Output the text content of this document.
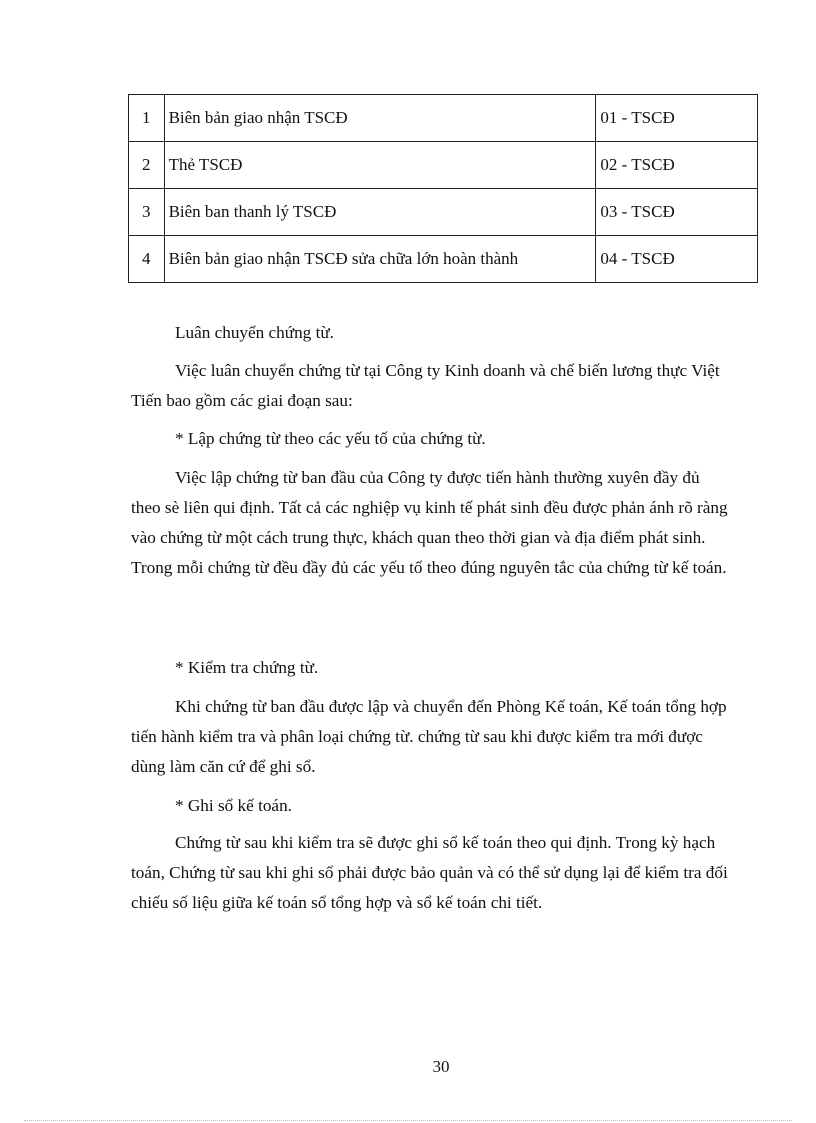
1	Biên bản giao nhận TSCĐ	01 - TSCĐ
2	Thẻ TSCĐ	02 - TSCĐ
3	Biên ban thanh lý TSCĐ	03 - TSCĐ
4	Biên bản giao nhận TSCĐ sửa chữa lớn hoàn thành	04 - TSCĐ

Luân chuyển chứng từ.

Việc luân chuyển chứng từ tại Công ty Kinh doanh và chế biến lương thực Việt Tiến bao gồm các giai đoạn sau:

* Lập chứng từ theo các yếu tố của chứng từ.

Việc lập chứng từ ban đầu của Công ty được tiến hành thường xuyên đầy đủ theo sè liên qui định. Tất cả các nghiệp vụ kinh tế phát sinh đều được phản ánh rõ ràng vào chứng từ một cách trung thực, khách quan theo thời gian và địa điểm phát sinh. Trong mỗi chứng từ đều đầy đủ các yếu tố theo đúng nguyên tắc của chứng từ kế toán.

* Kiểm tra chứng từ.

Khi chứng từ ban đầu được lập và chuyển đến Phòng Kế toán, Kế toán tổng hợp tiến hành kiểm tra và phân loại chứng từ. chứng từ sau khi được kiểm tra mới được dùng làm căn cứ để ghi sổ.

* Ghi sổ kế toán.

Chứng từ sau khi kiểm tra sẽ được ghi sổ kế toán theo qui định. Trong kỳ hạch toán, Chứng từ sau khi ghi sổ phải được bảo quản và có thể sử dụng lại để kiểm tra đối chiếu số liệu giữa kế toán sổ tổng hợp và sổ kế toán chi tiết.

30
